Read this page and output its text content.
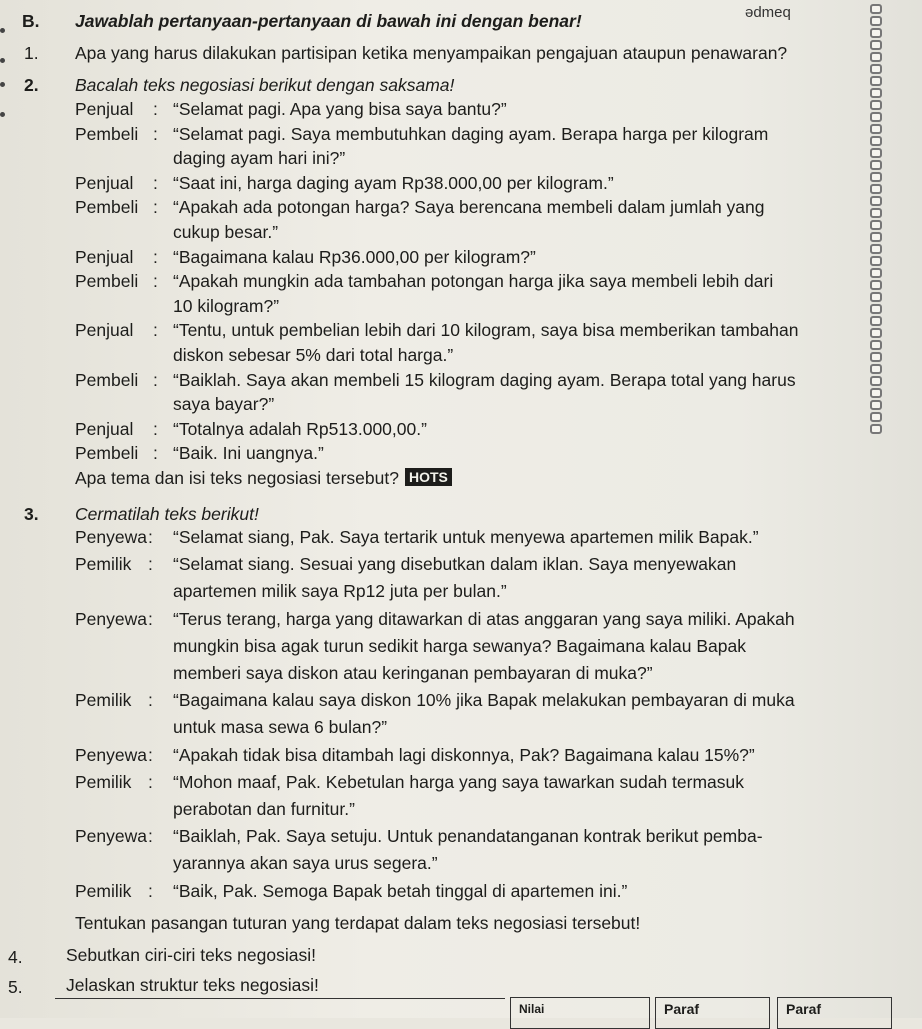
B. Jawablah pertanyaan-pertanyaan di bawah ini dengan benar!	ədmeq
1. Apa yang harus dilakukan partisipan ketika menyampaikan pengajuan ataupun penawaran?
2. Bacalah teks negosiasi berikut dengan saksama!
Penjual : “Selamat pagi. Apa yang bisa saya bantu?”
Pembeli : “Selamat pagi. Saya membutuhkan daging ayam. Berapa harga per kilogram
daging ayam hari ini?”
Penjual : “Saat ini, harga daging ayam Rp38.000,00 per kilogram.”
Pembeli : “Apakah ada potongan harga? Saya berencana membeli dalam jumlah yang
cukup besar.”
Penjual : “Bagaimana kalau Rp36.000,00 per kilogram?”
Pembeli : “Apakah mungkin ada tambahan potongan harga jika saya membeli lebih dari
10 kilogram?”
Penjual : “Tentu, untuk pembelian lebih dari 10 kilogram, saya bisa memberikan tambahan
diskon sebesar 5% dari total harga.”
Pembeli : “Baiklah. Saya akan membeli 15 kilogram daging ayam. Berapa total yang harus
saya bayar?”
Penjual : “Totalnya adalah Rp513.000,00.”
Pembeli : “Baik. Ini uangnya.”
Apa tema dan isi teks negosiasi tersebut? HOTS
3. Cermatilah teks berikut!
Penyewa : “Selamat siang, Pak. Saya tertarik untuk menyewa apartemen milik Bapak.”
Pemilik : “Selamat siang. Sesuai yang disebutkan dalam iklan. Saya menyewakan
apartemen milik saya Rp12 juta per bulan.”
Penyewa : “Terus terang, harga yang ditawarkan di atas anggaran yang saya miliki. Apakah
mungkin bisa agak turun sedikit harga sewanya? Bagaimana kalau Bapak
memberi saya diskon atau keringanan pembayaran di muka?”
Pemilik : “Bagaimana kalau saya diskon 10% jika Bapak melakukan pembayaran di muka
untuk masa sewa 6 bulan?”
Penyewa : “Apakah tidak bisa ditambah lagi diskonnya, Pak? Bagaimana kalau 15%?”
Pemilik : “Mohon maaf, Pak. Kebetulan harga yang saya tawarkan sudah termasuk
perabotan dan furnitur.”
Penyewa : “Baiklah, Pak. Saya setuju. Untuk penandatanganan kontrak berikut pemba-
yarannya akan saya urus segera.”
Pemilik : “Baik, Pak. Semoga Bapak betah tinggal di apartemen ini.”
Tentukan pasangan tuturan yang terdapat dalam teks negosiasi tersebut!
4. Sebutkan ciri-ciri teks negosiasi!
5. Jelaskan struktur teks negosiasi!
Nilai	Paraf	Paraf
